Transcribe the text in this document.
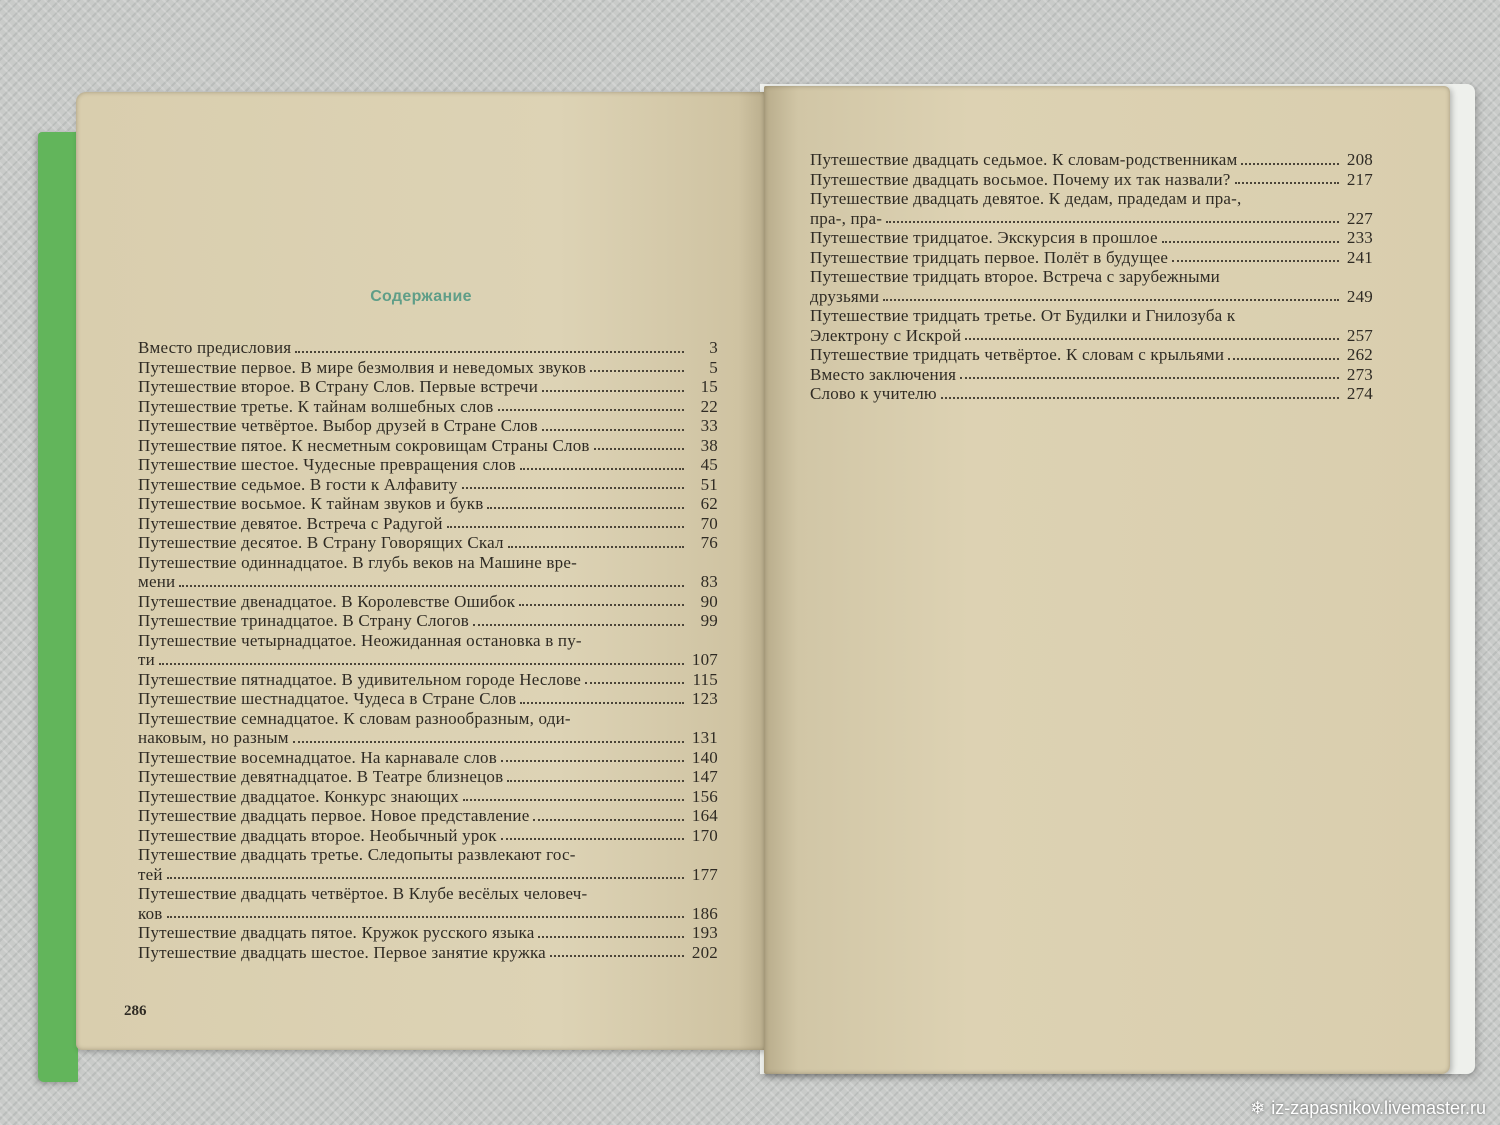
Содержание
Вместо предисловия	3
Путешествие первое. В мире безмолвия и неведомых звуков	5
Путешествие второе. В Страну Слов. Первые встречи	15
Путешествие третье. К тайнам волшебных слов	22
Путешествие четвёртое. Выбор друзей в Стране Слов	33
Путешествие пятое. К несметным сокровищам Страны Слов	38
Путешествие шестое. Чудесные превращения слов	45
Путешествие седьмое. В гости к Алфавиту	51
Путешествие восьмое. К тайнам звуков и букв	62
Путешествие девятое. Встреча с Радугой	70
Путешествие десятое. В Страну Говорящих Скал	76
Путешествие одиннадцатое. В глубь веков на Машине вре-
мени	83
Путешествие двенадцатое. В Королевстве Ошибок	90
Путешествие тринадцатое. В Страну Слогов	99
Путешествие четырнадцатое. Неожиданная остановка в пу-
ти	107
Путешествие пятнадцатое. В удивительном городе Неслове	115
Путешествие шестнадцатое. Чудеса в Стране Слов	123
Путешествие семнадцатое. К словам разнообразным, оди-
наковым, но разным	131
Путешествие восемнадцатое. На карнавале слов	140
Путешествие девятнадцатое. В Театре близнецов	147
Путешествие двадцатое. Конкурс знающих	156
Путешествие двадцать первое. Новое представление	164
Путешествие двадцать второе. Необычный урок	170
Путешествие двадцать третье. Следопыты развлекают гос-
тей	177
Путешествие двадцать четвёртое. В Клубе весёлых человеч-
ков	186
Путешествие двадцать пятое. Кружок русского языка	193
Путешествие двадцать шестое. Первое занятие кружка	202
286
Путешествие двадцать седьмое. К словам-родственникам	208
Путешествие двадцать восьмое. Почему их так назвали?	217
Путешествие двадцать девятое. К дедам, прадедам и пра-,
пра-, пра-	227
Путешествие тридцатое. Экскурсия в прошлое	233
Путешествие тридцать первое. Полёт в будущее	241
Путешествие тридцать второе. Встреча с зарубежными
друзьями	249
Путешествие тридцать третье. От Будилки и Гнилозуба к
Электрону с Искрой	257
Путешествие тридцать четвёртое. К словам с крыльями	262
Вместо заключения	273
Слово к учителю	274
❄ iz-zapasnikov.livemaster.ru
